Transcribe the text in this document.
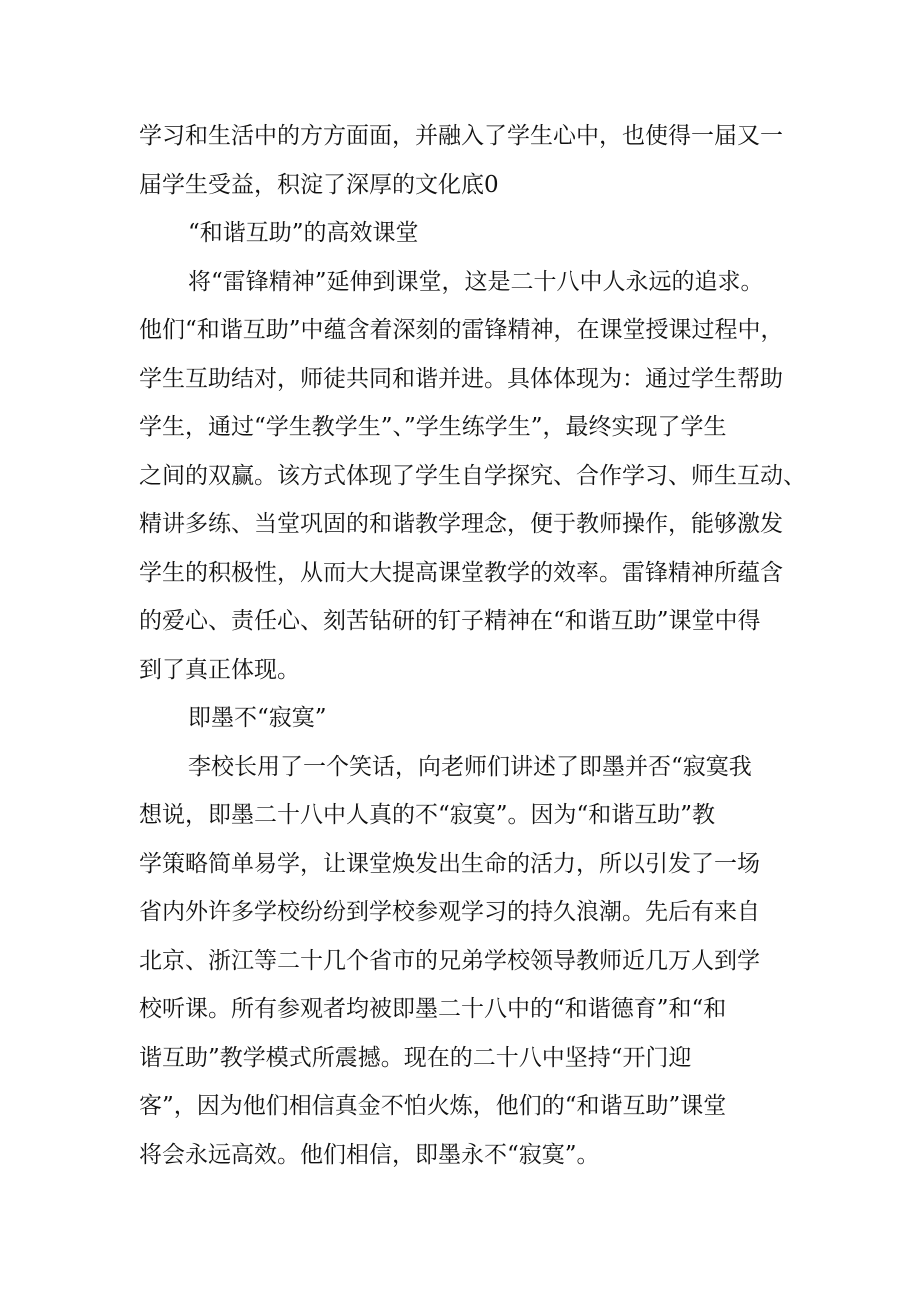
学习和生活中的方方面面，并融入了学生心中，也使得一届又一
届学生受益，积淀了深厚的文化底0
“和谐互助”的高效课堂
将“雷锋精神”延伸到课堂，这是二十八中人永远的追求。
他们“和谐互助”中蕴含着深刻的雷锋精神，在课堂授课过程中，
学生互助结对，师徒共同和谐并进。具体体现为：通过学生帮助
学生，通过“学生教学生”、”学生练学生”，最终实现了学生
之间的双赢。该方式体现了学生自学探究、合作学习、师生互动、
精讲多练、当堂巩固的和谐教学理念，便于教师操作，能够激发
学生的积极性，从而大大提高课堂教学的效率。雷锋精神所蕴含
的爱心、责任心、刻苦钻研的钉子精神在“和谐互助”课堂中得
到了真正体现。
即墨不“寂寞”
李校长用了一个笑话，向老师们讲述了即墨并否“寂寞我
想说，即墨二十八中人真的不“寂寞”。因为“和谐互助”教
学策略简单易学，让课堂焕发出生命的活力，所以引发了一场
省内外许多学校纷纷到学校参观学习的持久浪潮。先后有来自
北京、浙江等二十几个省市的兄弟学校领导教师近几万人到学
校听课。所有参观者均被即墨二十八中的“和谐德育”和“和
谐互助”教学模式所震撼。现在的二十八中坚持“开门迎
客”，因为他们相信真金不怕火炼，他们的“和谐互助”课堂
将会永远高效。他们相信，即墨永不“寂寞”。
